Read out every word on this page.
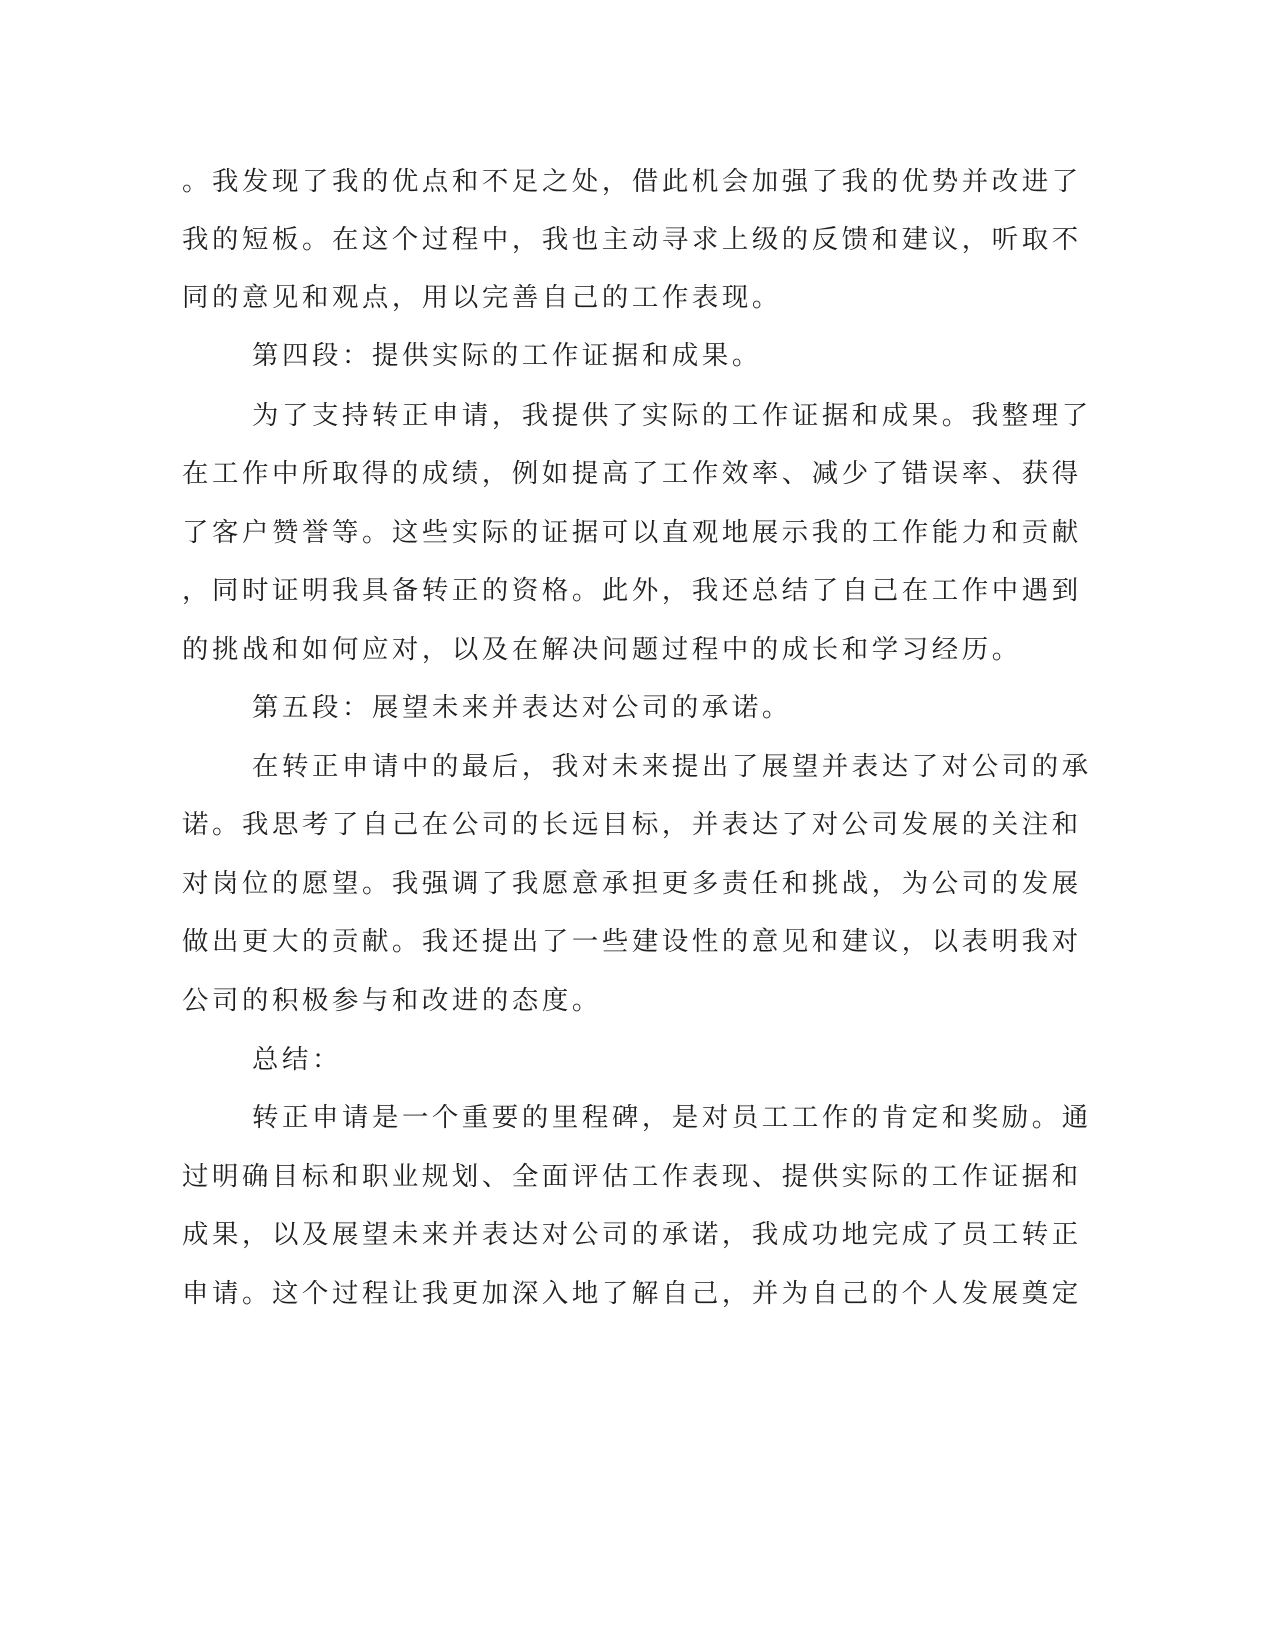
。我发现了我的优点和不足之处，借此机会加强了我的优势并改进了
我的短板。在这个过程中，我也主动寻求上级的反馈和建议，听取不
同的意见和观点，用以完善自己的工作表现。
第四段：提供实际的工作证据和成果。
为了支持转正申请，我提供了实际的工作证据和成果。我整理了
在工作中所取得的成绩，例如提高了工作效率、减少了错误率、获得
了客户赞誉等。这些实际的证据可以直观地展示我的工作能力和贡献
，同时证明我具备转正的资格。此外，我还总结了自己在工作中遇到
的挑战和如何应对，以及在解决问题过程中的成长和学习经历。
第五段：展望未来并表达对公司的承诺。
在转正申请中的最后，我对未来提出了展望并表达了对公司的承
诺。我思考了自己在公司的长远目标，并表达了对公司发展的关注和
对岗位的愿望。我强调了我愿意承担更多责任和挑战，为公司的发展
做出更大的贡献。我还提出了一些建设性的意见和建议，以表明我对
公司的积极参与和改进的态度。
总结：
转正申请是一个重要的里程碑，是对员工工作的肯定和奖励。通
过明确目标和职业规划、全面评估工作表现、提供实际的工作证据和
成果，以及展望未来并表达对公司的承诺，我成功地完成了员工转正
申请。这个过程让我更加深入地了解自己，并为自己的个人发展奠定
